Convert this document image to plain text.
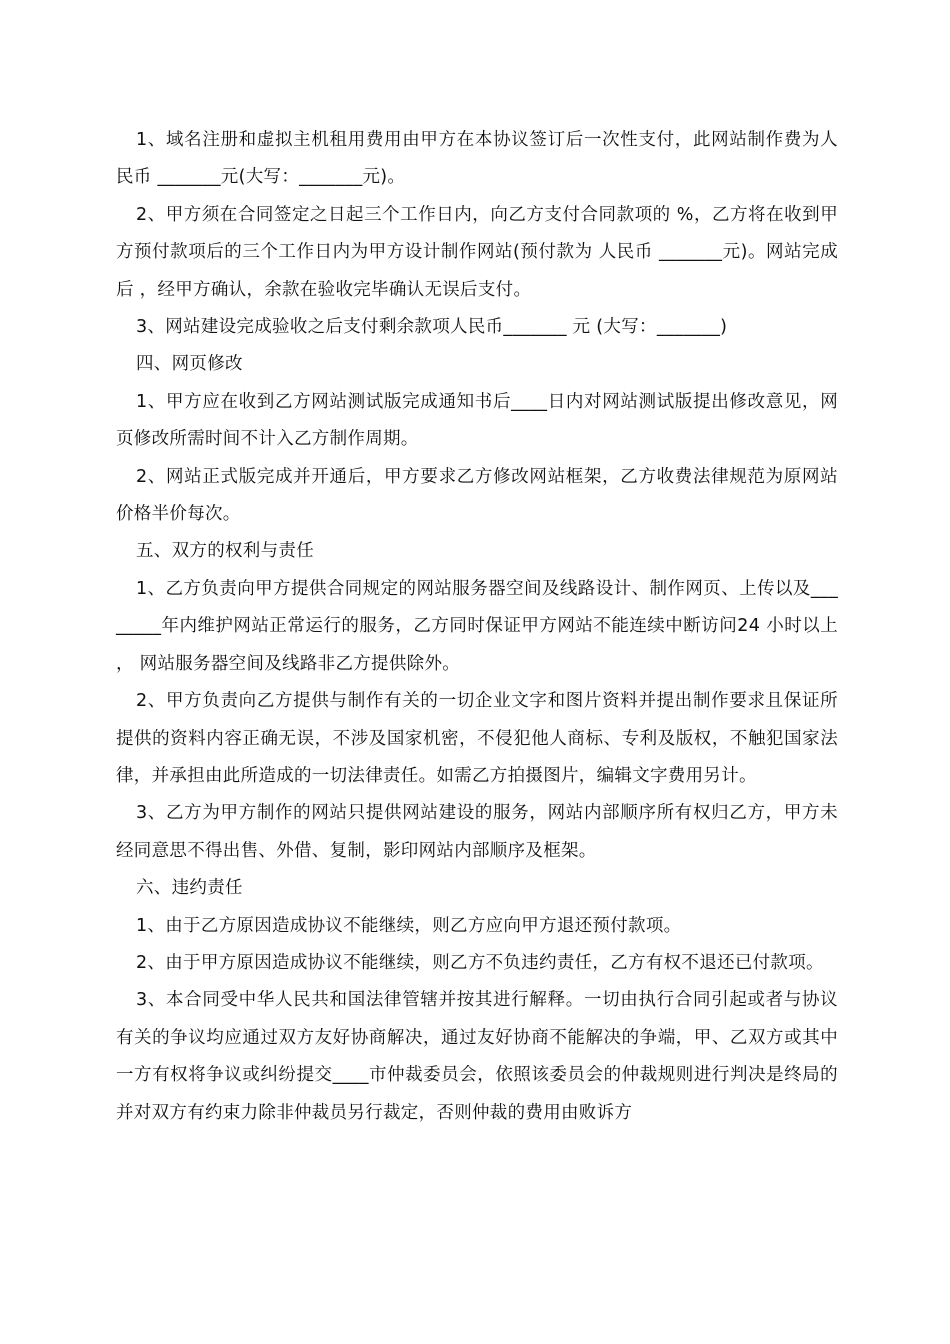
1、域名注册和虚拟主机租用费用由甲方在本协议签订后一次性支付，此网站制作费为人民币 _______元(大写：_______元)。

2、甲方须在合同签定之日起三个工作日内，向乙方支付合同款项的 %，乙方将在收到甲方预付款项后的三个工作日内为甲方设计制作网站(预付款为 人民币 _______元)。网站完成后 ，经甲方确认，余款在验收完毕确认无误后支付。

3、网站建设完成验收之后支付剩余款项人民币_______ 元 (大写：_______)

四、网页修改

1、甲方应在收到乙方网站测试版完成通知书后____日内对网站测试版提出修改意见，网页修改所需时间不计入乙方制作周期。

2、网站正式版完成并开通后，甲方要求乙方修改网站框架，乙方收费法律规范为原网站价格半价每次。

五、双方的权利与责任

1、乙方负责向甲方提供合同规定的网站服务器空间及线路设计、制作网页、上传以及________年内维护网站正常运行的服务，乙方同时保证甲方网站不能连续中断访问24 小时以上 ， 网站服务器空间及线路非乙方提供除外。

2、甲方负责向乙方提供与制作有关的一切企业文字和图片资料并提出制作要求且保证所提供的资料内容正确无误，不涉及国家机密，不侵犯他人商标、专利及版权，不触犯国家法律，并承担由此所造成的一切法律责任。如需乙方拍摄图片，编辑文字费用另计。

3、乙方为甲方制作的网站只提供网站建设的服务，网站内部顺序所有权归乙方，甲方未经同意思不得出售、外借、复制，影印网站内部顺序及框架。

六、违约责任

1、由于乙方原因造成协议不能继续，则乙方应向甲方退还预付款项。

2、由于甲方原因造成协议不能继续，则乙方不负违约责任，乙方有权不退还已付款项。

3、本合同受中华人民共和国法律管辖并按其进行解释。一切由执行合同引起或者与协议有关的争议均应通过双方友好协商解决，通过友好协商不能解决的争端，甲、乙双方或其中一方有权将争议或纠纷提交____市仲裁委员会，依照该委员会的仲裁规则进行判决是终局的 并对双方有约束力除非仲裁员另行裁定，否则仲裁的费用由败诉方
